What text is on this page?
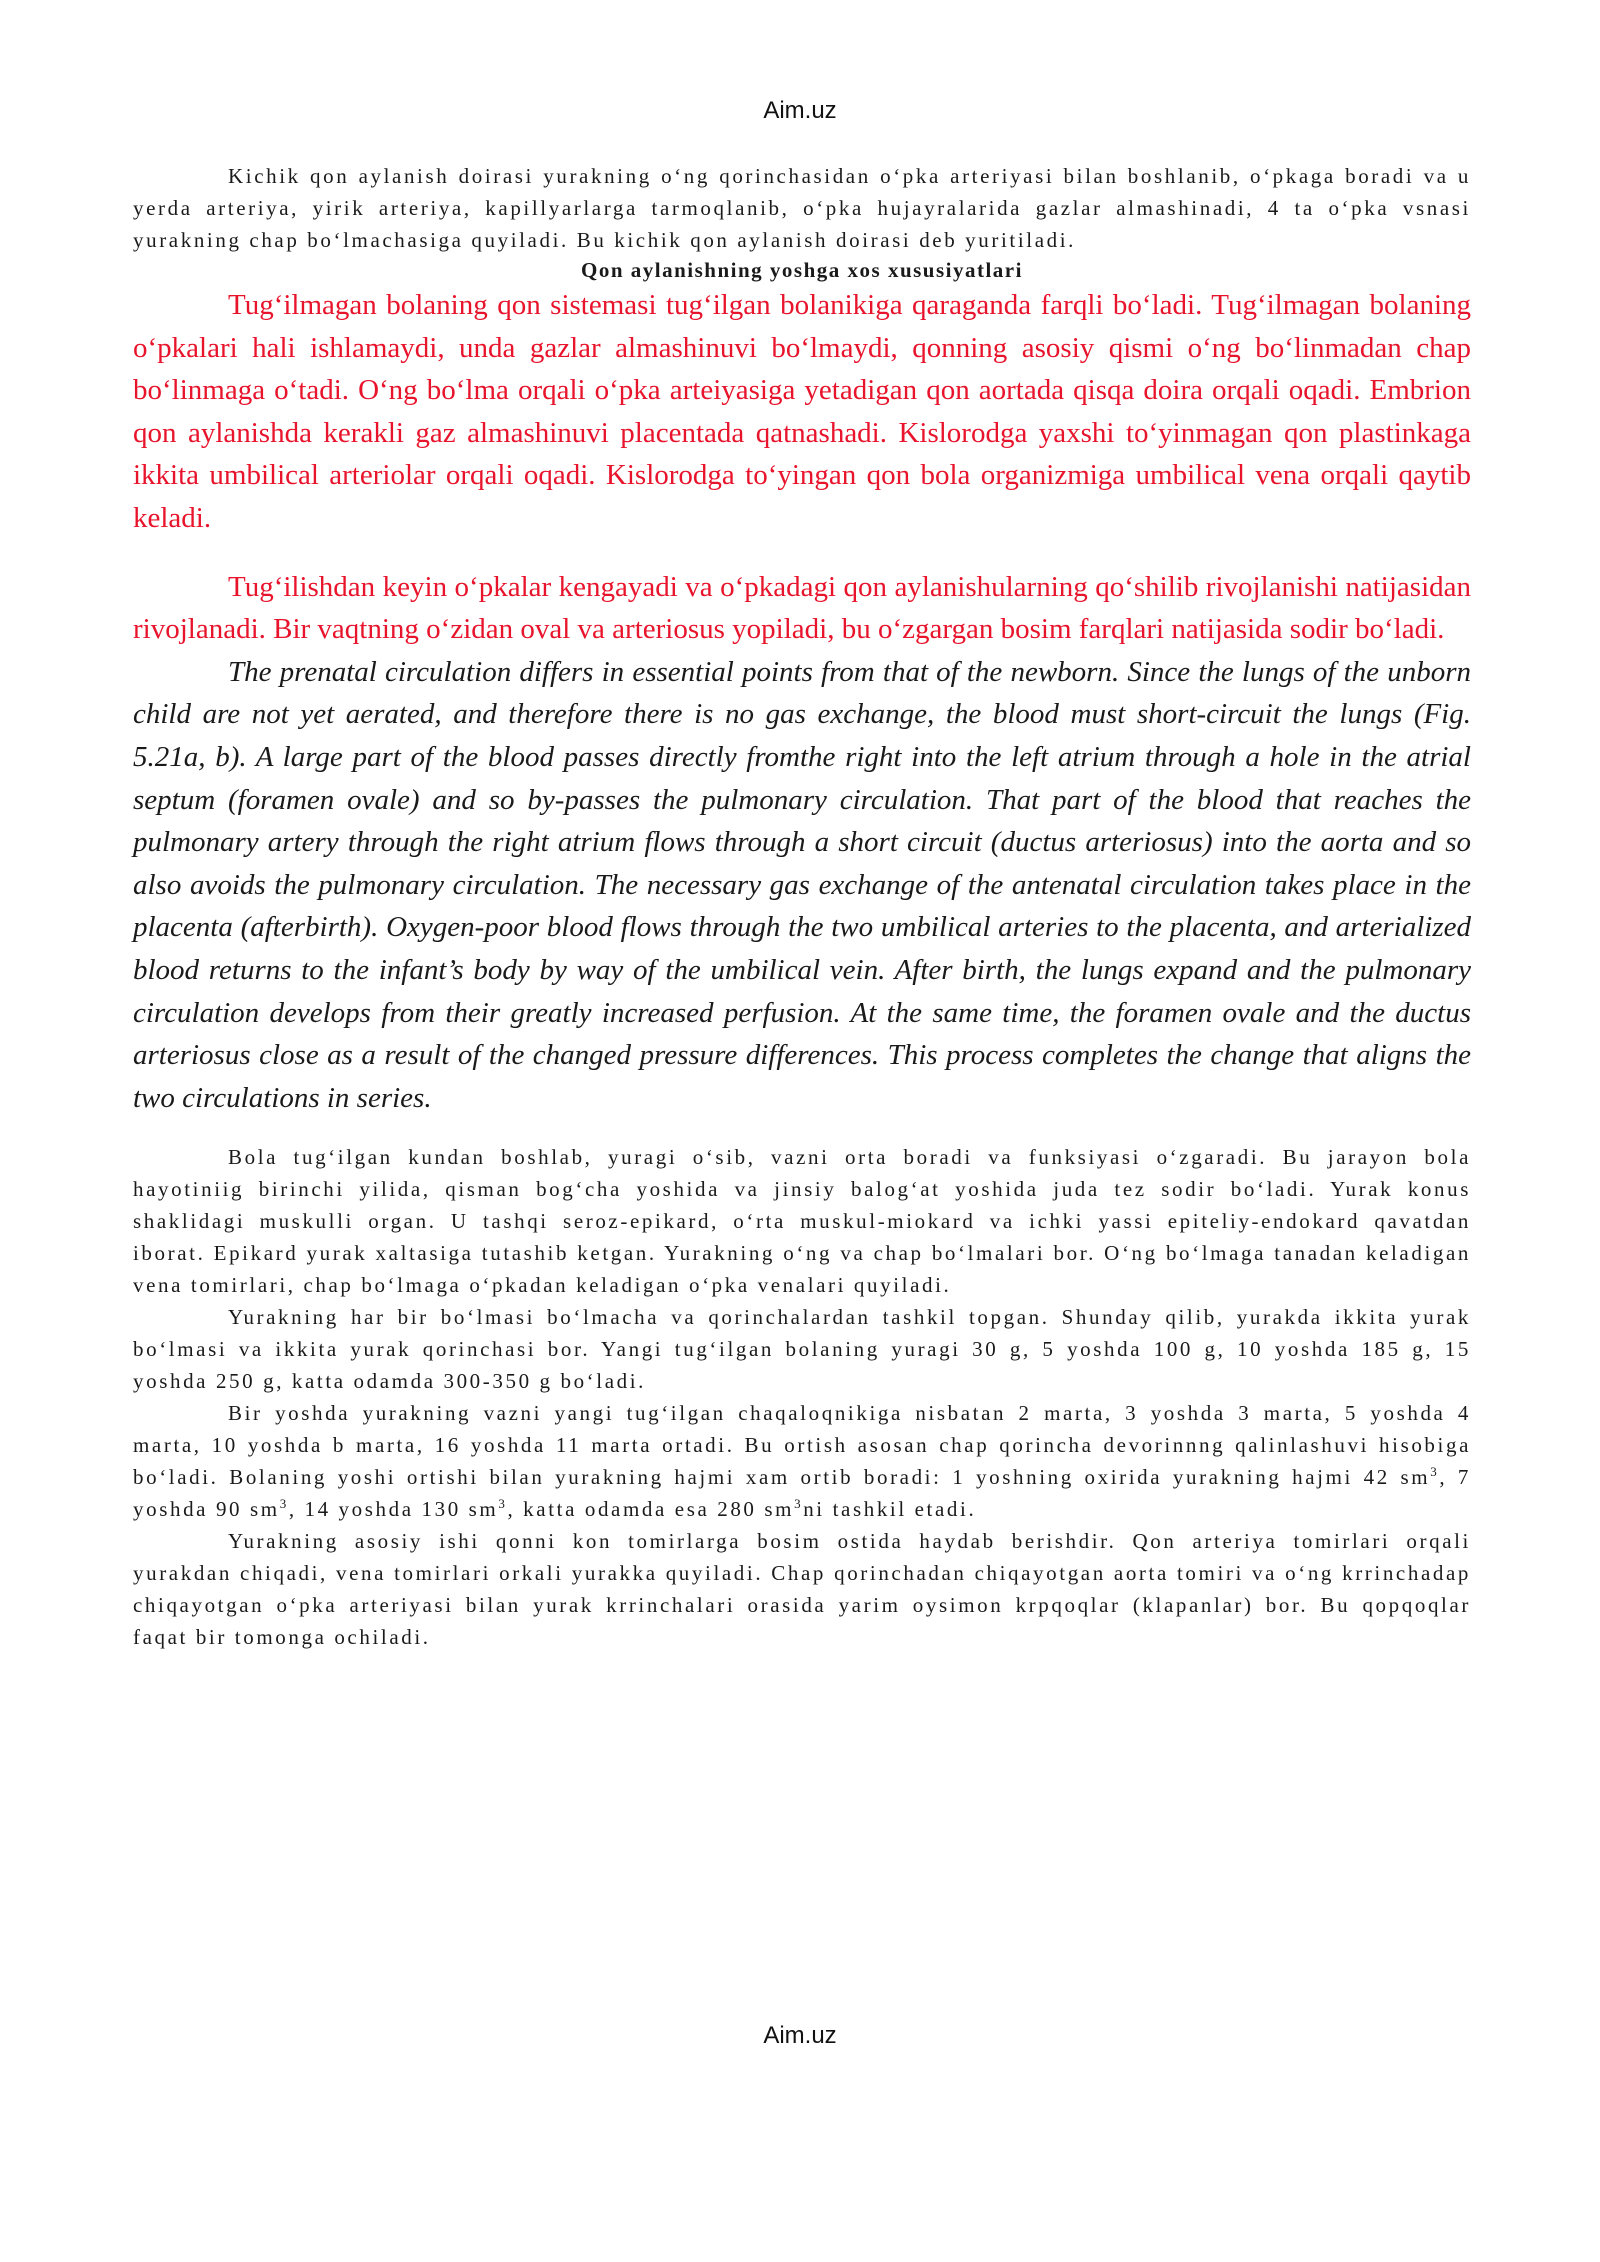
Aim.uz

Kichik qon aylanish doirasi yurakning oʻng qorinchasidan oʻpka arteriyasi bilan boshlanib, oʻpkaga boradi va u yerda arteriya, yirik arteriya, kapillyarlarga tarmoqlanib, oʻpka hujayralarida gazlar almashinadi, 4 ta oʻpka vsnasi yurakning chap boʻlmachasiga quyiladi. Bu kichik qon aylanish doirasi deb yuritiladi.

Qon aylanishning yoshga xos xususiyatlari

Tugʻilmagan bolaning qon sistemasi tugʻilgan bolanikiga qaraganda farqli boʻladi. Tugʻilmagan bolaning oʻpkalari hali ishlamaydi, unda gazlar almashinuvi boʻlmaydi, qonning asosiy qismi oʻng boʻlinmadan chap boʻlinmaga oʻtadi. Oʻng boʻlma orqali oʻpka arteiyasiga yetadigan qon aortada qisqa doira orqali oqadi. Embrion qon aylanishda kerakli gaz almashinuvi placentada qatnashadi. Kislorodga yaxshi toʻyinmagan qon plastinkaga ikkita umbilical arteriolar orqali oqadi. Kislorodga toʻyingan qon bola organizmiga umbilical vena orqali qaytib keladi.

Tugʻilishdan keyin oʻpkalar kengayadi va oʻpkadagi qon aylanishularning qoʻshilib rivojlanishi natijasidan rivojlanadi. Bir vaqtning oʻzidan oval va arteriosus yopiladi, bu oʻzgargan bosim farqlari natijasida sodir boʻladi.

The prenatal circulation differs in essential points from that of the newborn. Since the lungs of the unborn child are not yet aerated, and therefore there is no gas exchange, the blood must short-circuit the lungs (Fig. 5.21a, b). A large part of the blood passes directly fromthe right into the left atrium through a hole in the atrial septum (foramen ovale) and so by-passes the pulmonary circulation. That part of the blood that reaches the pulmonary artery through the right atrium flows through a short circuit (ductus arteriosus) into the aorta and so also avoids the pulmonary circulation. The necessary gas exchange of the antenatal circulation takes place in the placenta (afterbirth). Oxygen-poor blood flows through the two umbilical arteries to the placenta, and arterialized blood returns to the infant’s body by way of the umbilical vein. After birth, the lungs expand and the pulmonary circulation develops from their greatly increased perfusion. At the same time, the foramen ovale and the ductus arteriosus close as a result of the changed pressure differences. This process completes the change that aligns the two circulations in series.

Bola tugʻilgan kundan boshlab, yuragi oʻsib, vazni orta boradi va funksiyasi oʻzgaradi. Bu jarayon bola hayotiniig birinchi yilida, qisman bogʻcha yoshida va jinsiy balogʻat yoshida juda tez sodir boʻladi. Yurak konus shaklidagi muskulli organ. U tashqi seroz-epikard, oʻrta muskul-miokard va ichki yassi epiteliy-endokard qavatdan iborat. Epikard yurak xaltasiga tutashib ketgan. Yurakning oʻng va chap boʻlmalari bor. Oʻng boʻlmaga tanadan keladigan vena tomirlari, chap boʻlmaga oʻpkadan keladigan oʻpka venalari quyiladi.

Yurakning har bir boʻlmasi boʻlmacha va qorinchalardan tashkil topgan. Shunday qilib, yurakda ikkita yurak boʻlmasi va ikkita yurak qorinchasi bor. Yangi tugʻilgan bolaning yuragi 30 g, 5 yoshda 100 g, 10 yoshda 185 g, 15 yoshda 250 g, katta odamda 300-350 g boʻladi.

Bir yoshda yurakning vazni yangi tugʻilgan chaqaloqnikiga nisbatan 2 marta, 3 yoshda 3 marta, 5 yoshda 4 marta, 10 yoshda b marta, 16 yoshda 11 marta ortadi. Bu ortish asosan chap qorincha devorinnng qalinlashuvi hisobiga boʻladi. Bolaning yoshi ortishi bilan yurakning hajmi xam ortib boradi: 1 yoshning oxirida yurakning hajmi 42 $sm^3$, 7 yoshda 90 $sm^3$, 14 yoshda 130 $sm^3$, katta odamda esa 280 $sm^3ni$ tashkil etadi.

Yurakning asosiy ishi qonni kon tomirlarga bosim ostida haydab berishdir. Qon arteriya tomirlari orqali yurakdan chiqadi, vena tomirlari orkali yurakka quyiladi. Chap qorinchadan chiqayotgan aorta tomiri va oʻng krrinchadap chiqayotgan oʻpka arteriyasi bilan yurak krrinchalari orasida yarim oysimon krpqoqlar (klapanlar) bor. Bu qopqoqlar faqat bir tomonga ochiladi.

Aim.uz
